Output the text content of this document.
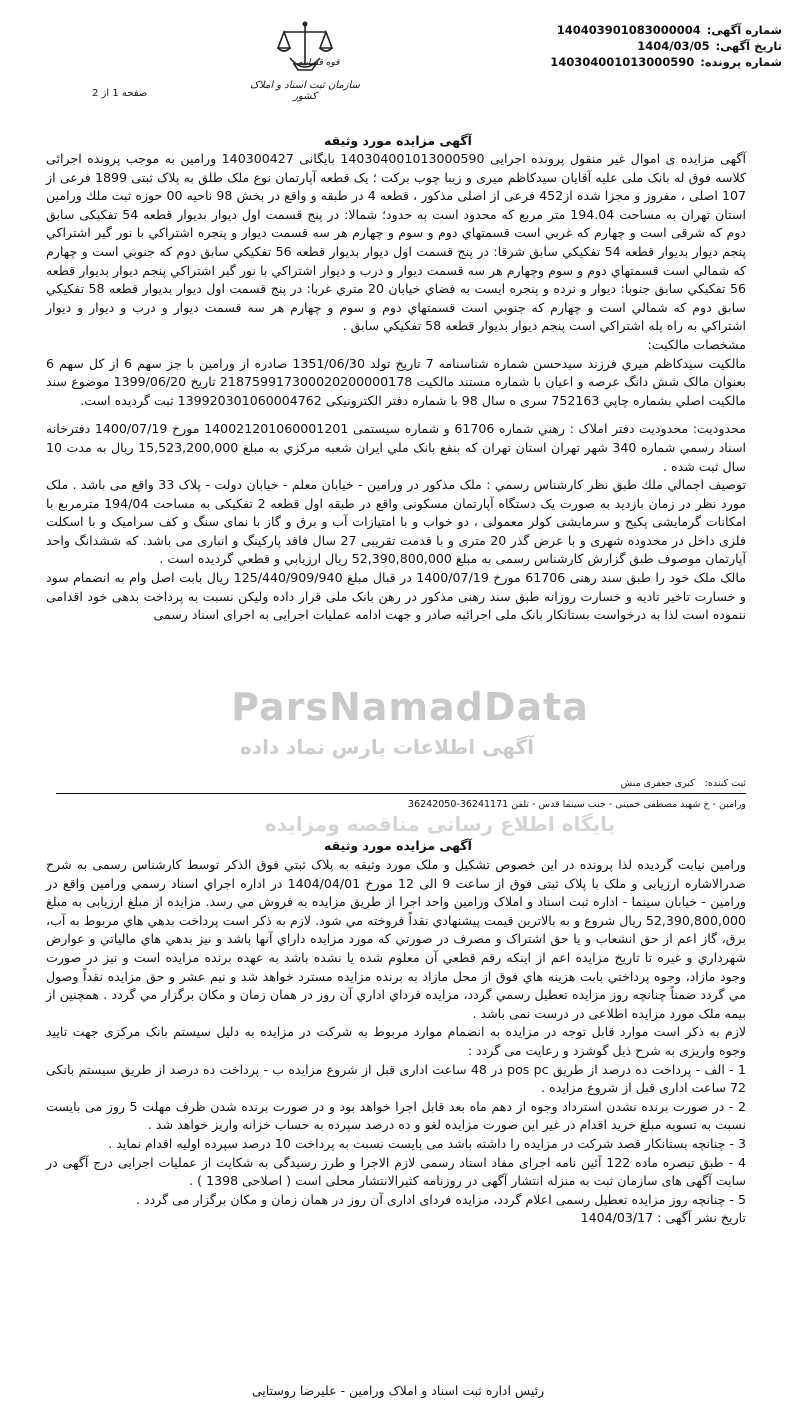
شماره آگهی:
140403901083000004
تاریخ آگهی:
1404/03/05
شماره پرونده:
140304001013000590
قوه قضاییه
سازمان ثبت اسناد و املاک کشور
صفحه 1 از 2
آگهی مزایده مورد وثیقه

آگهی مزایده ی اموال غیر منقول پرونده اجرایی 140304001013000590 بایگانی 140300427 ورامین به موجب پرونده اجرائی کلاسه فوق له بانک ملی علیه آقایان سیدکاظم میری و زیبا چوب برکت ؛ یک قطعه آپارتمان نوع ملک طلق به پلاک ثبتی 1899 فرعی از 107 اصلی ، مفروز و مجزا شده از452 فرعی از اصلی مذکور ، قطعه 4 در طبقه و واقع در بخش 98 ناحیه 00 حوزه ثبت ملك ورامین استان تهران به مساحت 194.04 متر مربع که محدود است به حدود؛ شمالا: در پنج قسمت اول دیوار بدیوار قطعه 54 تفکیکی سابق دوم که شرقی است و چهارم که غربي است قسمتهاي دوم و سوم و چهارم هر سه قسمت ديوار و پنجره اشتراکي با نور گير اشتراکي پنجم ديوار بديوار قطعه 54 تفکيکي سابق شرقا: در پنج قسمت اول ديوار بديوار قطعه 56 تفکيکي سابق دوم که جنوبي است و چهارم که شمالي است قسمتهاي دوم و سوم وچهارم هر سه قسمت ديوار و درب و ديوار اشتراکي با نور گير اشتراکي پنجم ديوار بديوار قطعه 56 تفکيکي سابق جنوبا: ديوار و نرده و پنجره ايست به فضاي خيابان 20 متري غربا: در پنج قسمت اول ديوار بديوار قطعه 58 تفکيکي سابق دوم که شمالي است و چهارم که جنوبي است قسمتهاي دوم و سوم و چهارم هر سه قسمت ديوار و درب و ديوار و ديوار اشتراکي به راه پله اشتراکي است پنجم ديوار بديوار قطعه 58 تفکيکي سابق .

مشخصات مالکیت:

مالکیت سیدکاظم میري فرزند سیدحسن شماره شناسنامه 7 تاريخ تولد 1351/06/30 صادره از ورامین با جز سهم 6 از کل سهم 6 بعنوان مالک شش دانگ عرصه و اعیان با شماره مستند مالکیت 218759917300020200000178 تاریخ 1399/06/20 موضوع سند مالکیت اصلي بشماره چاپي 752163 سری ه سال 98 با شماره دفتر الکترونیکی 139920301060004762 ثبت گردیده است.

محدودیت: محدوديت دفتر املاک : رهني شماره 61706 و شماره سیستمی 140021201060001201 مورخ 1400/07/19 دفترخانه اسناد رسمي شماره 340 شهر تهران استان تهران که بنفع بانک ملي ايران شعبه مرکزي به مبلغ 15,523,200,000 ريال به مدت 10 سال ثبت شده .

توصيف اجمالي ملك طبق نظر کارشناس رسمي : ملک مذکور در ورامین - خیابان معلم - خیابان دولت - پلاک 33 واقع می باشد . ملک مورد نظر در زمان بازدید به صورت یک دستگاه آپارتمان مسکونی واقع در طبقه اول قطعه 2 تفکیکی به مساحت 194/04 مترمربع با امکانات گرمایشی پکیج و سرمایشی کولر معمولی ، دو خواب و با امتیازات آب و برق و گاز با نمای سنگ و کف سرامیک و با اسکلت فلزی داخل در محدوده شهری و با عرض گذر 20 متری و با قدمت تقریبی 27 سال فاقد پارکینگ و انباری می باشد. که ششدانگ واحد آپارتمان موصوف طبق گزارش کارشناس رسمی به مبلغ 52,390,800,000 ريال ارزيابي و قطعي گرديده است .

مالک ملک خود را طبق سند رهنی 61706 مورخ 1400/07/19 در قبال مبلغ 125/440/909/940 ریال بابت اصل وام به انضمام سود و خسارت تاخیر تادیه و خسارت روزانه طبق سند رهنی مذکور در رهن بانک ملی قرار داده ولیکن نسبت به پرداخت بدهی خود اقدامی ننموده است لذا به درخواست بستانکار بانک ملی اجرائیه صادر و جهت ادامه عملیات اجرایی به اجرای اسناد رسمی

ParsNamadData
آگهی اطلاعات پارس نماد داده
ثبت کننده:
کبری جعفری منش
ورامين - خ شهید مصطفی خمینی - جنب سینما قدس - تلفن 36241171-36242050
پایگاه اطلاع رسانی مناقصه ومزایده
آگهی مزایده مورد وثیقه

ورامین نيابت گرديده لذا پرونده در اين خصوص تشکيل و ملک مورد وثيقه به پلاک ثبتي فوق الذکر توسط کارشناس رسمی به شرح صدرالاشاره ارزیابی و ملک با پلاک ثبتی فوق از ساعت 9 الی 12 مورخ 1404/04/01 در اداره اجراي اسناد رسمي ورامين واقع در ورامين - خيابان سينما - اداره ثبت اسناد و املاک ورامين واحد اجرا از طريق مزايده به فروش مي رسد. مزایده از مبلغ ارزیابی به مبلغ 52,390,800,000 ريال شروع و به بالاترين قيمت پيشنهادي نقداً فروخته مي شود. لازم به ذکر است پرداخت بدهي هاي مربوط به آب، برق، گاز اعم از حق انشعاب و يا حق اشتراک و مصرف در صورتي که مورد مزايده داراي آنها باشد و نيز بدهي هاي مالياتي و عوارض شهرداري و غيره تا تاريخ مزايده اعم از اينکه رقم قطعي آن معلوم شده يا نشده باشد به عهده برنده مزايده است و نيز در صورت وجود مازاد، وجوه پرداختي بابت هزينه هاي فوق از محل مازاد به برنده مزايده مسترد خواهد شد و نيم عشر و حق مزايده نقداً وصول مي گردد ضمناً چنانچه روز مزايده تعطيل رسمي گردد، مزايده فرداي اداري آن روز در همان زمان و مکان برگزار مي گردد . همچنین از بیمه ملک مورد مزایده اطلاعی در درست نمی باشد .

لازم به ذکر است موارد قابل توجه در مزایده به انضمام موارد مربوط به شرکت در مزایده به دلیل سیستم بانک مرکزی جهت تایید وجوه واریزی به شرح ذیل گوشزد و رعایت می گردد :

1 - الف - پرداخت ده درصد از طریق pos pc در 48 ساعت اداری قبل از شروع مزایده ب - پرداخت ده درصد از طریق سیستم بانکی 72 ساعت اداری قبل از شروع مزایده .

2 - در صورت برنده نشدن استرداد وجوه از دهم ماه بعد قابل اجرا خواهد بود و در صورت برنده شدن ظرف مهلت 5 روز می بایست نسبت به تسویه مبلغ خرید اقدام در غیر این صورت مزایده لغو و ده درصد سپرده به حساب خزانه واریز خواهد شد .

3 - چنانچه بستانکار قصد شرکت در مزایده را داشته باشد می بایست نسبت به پرداخت 10 درصد سپرده اولیه اقدام نماید .

4 - طبق تبصره ماده 122 آئین نامه اجرای مفاد اسناد رسمی لازم الاجرا و طرز رسیدگی به شکایت از عملیات اجرایی درج آگهی در سایت آگهی های سازمان ثبت به منزله انتشار آگهی در روزنامه کثیرالانتشار محلی است ( اصلاحی 1398 ) .

5 - چنانچه روز مزایده تعطیل رسمی اعلام گردد، مزایده فردای اداری آن روز در همان زمان و مکان برگزار می گردد .

تاریخ نشر آگهی : 1404/03/17

رئیس اداره ثبت اسناد و املاک ورامین - علیرضا روستایی
